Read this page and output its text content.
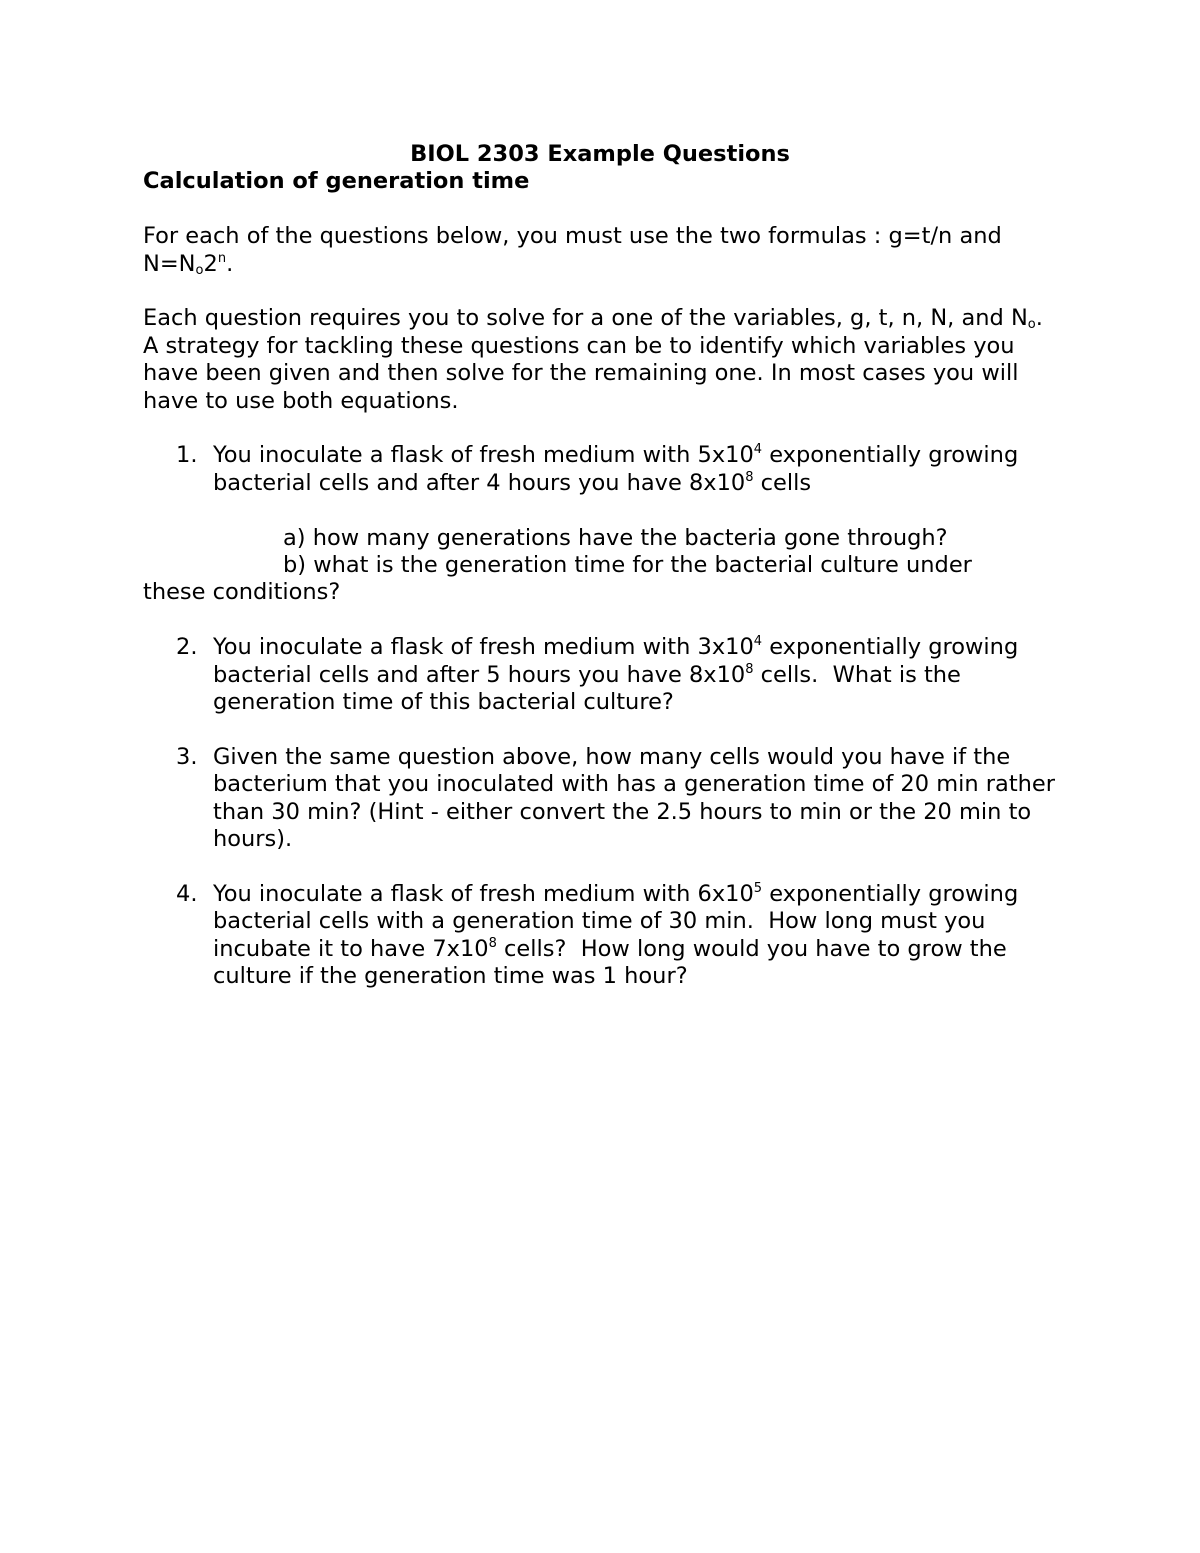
BIOL 2303 Example Questions

Calculation of generation time

For each of the questions below, you must use the two formulas : g=t/n and $N=N_o2^n$.

Each question requires you to solve for a one of the variables, g, t, n, N, and $N_o$. A strategy for tackling these questions can be to identify which variables you have been given and then solve for the remaining one. In most cases you will have to use both equations.

1. You inoculate a flask of fresh medium with $5x10^4$ exponentially growing bacterial cells and after 4 hours you have $8x10^8$ cells

a) how many generations have the bacteria gone through?

b) what is the generation time for the bacterial culture under

these conditions?

2. You inoculate a flask of fresh medium with $3x10^4$ exponentially growing bacterial cells and after 5 hours you have $8x10^8$ cells.  What is the generation time of this bacterial culture?
3. Given the same question above, how many cells would you have if the bacterium that you inoculated with has a generation time of 20 min rather than 30 min? (Hint - either convert the 2.5 hours to min or the 20 min to hours).
4. You inoculate a flask of fresh medium with $6x10^5$ exponentially growing bacterial cells with a generation time of 30 min.  How long must you incubate it to have $7x10^8$ cells?  How long would you have to grow the culture if the generation time was 1 hour?
